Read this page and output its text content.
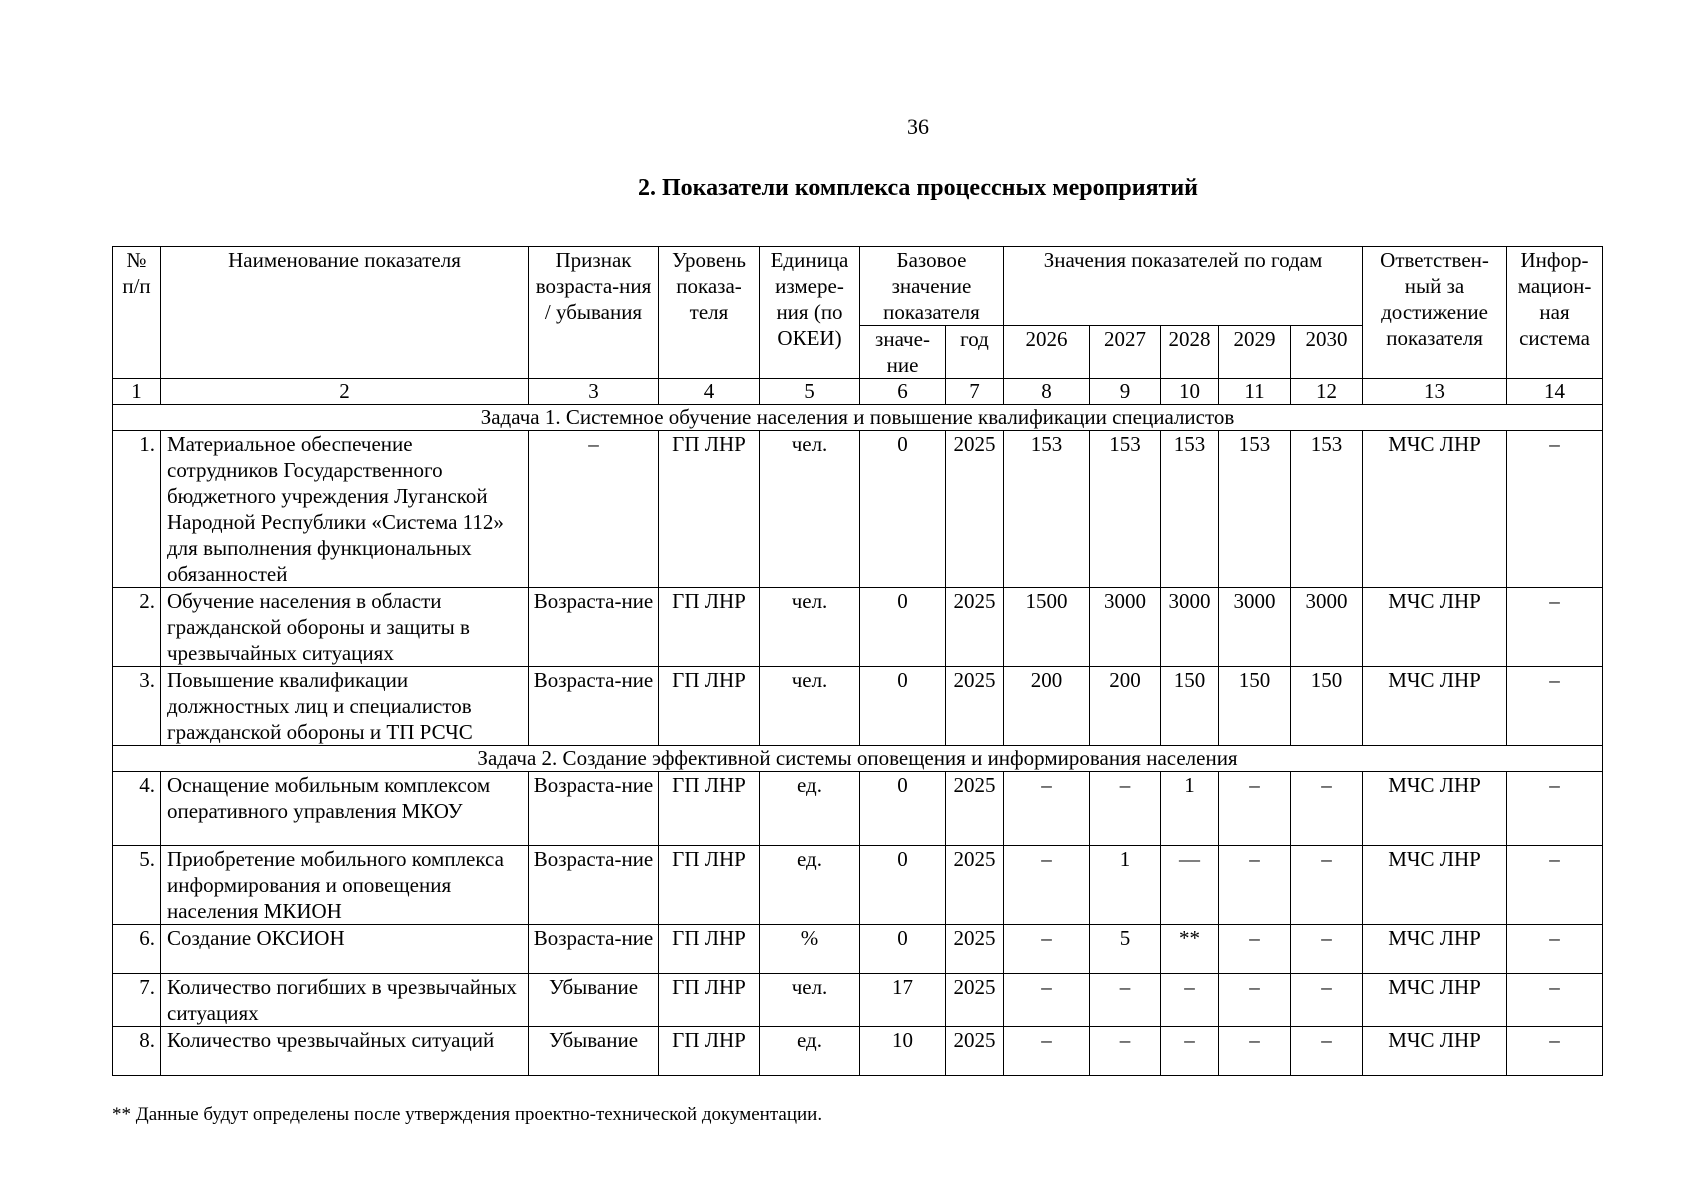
36
2. Показатели комплекса процессных мероприятий
№ п/п	Наименование показателя	Признак возраста-ния / убывания	Уровень показа-теля	Единица измере-ния (по ОКЕИ)	Базовое значение показателя		Значения показателей по годам					Ответствен-ный за достижение показателя	Инфор-мацион-ная система
					значе-ние	год	2026	2027	2028	2029	2030		
1	2	3	4	5	6	7	8	9	10	11	12	13	14
Задача 1. Системное обучение населения и повышение квалификации специалистов													
1.	Материальное обеспечение сотрудников Государственного бюджетного учреждения Луганской Народной Республики «Система 112» для выполнения функциональных обязанностей	–	ГП ЛНР	чел.	0	2025	153	153	153	153	153	МЧС ЛНР	–
2.	Обучение населения в области гражданской обороны и защиты в чрезвычайных ситуациях	Возраста-ние	ГП ЛНР	чел.	0	2025	1500	3000	3000	3000	3000	МЧС ЛНР	–
3.	Повышение квалификации должностных лиц и специалистов гражданской обороны и ТП РСЧС	Возраста-ние	ГП ЛНР	чел.	0	2025	200	200	150	150	150	МЧС ЛНР	–
Задача 2. Создание эффективной системы оповещения и информирования населения													
4.	Оснащение мобильным комплексом оперативного управления МКОУ	Возраста-ние	ГП ЛНР	ед.	0	2025	–	–	1	–	–	МЧС ЛНР	–
5.	Приобретение мобильного комплекса информирования и оповещения населения МКИОН	Возраста-ние	ГП ЛНР	ед.	0	2025	–	1	—	–	–	МЧС ЛНР	–
6.	Создание ОКСИОН	Возраста-ние	ГП ЛНР	%	0	2025	–	5	**	–	–	МЧС ЛНР	–
7.	Количество погибших в чрезвычайных ситуациях	Убывание	ГП ЛНР	чел.	17	2025	–	–	–	–	–	МЧС ЛНР	–
8.	Количество чрезвычайных ситуаций	Убывание	ГП ЛНР	ед.	10	2025	–	–	–	–	–	МЧС ЛНР	–
** Данные будут определены после утверждения проектно-технической документации.
